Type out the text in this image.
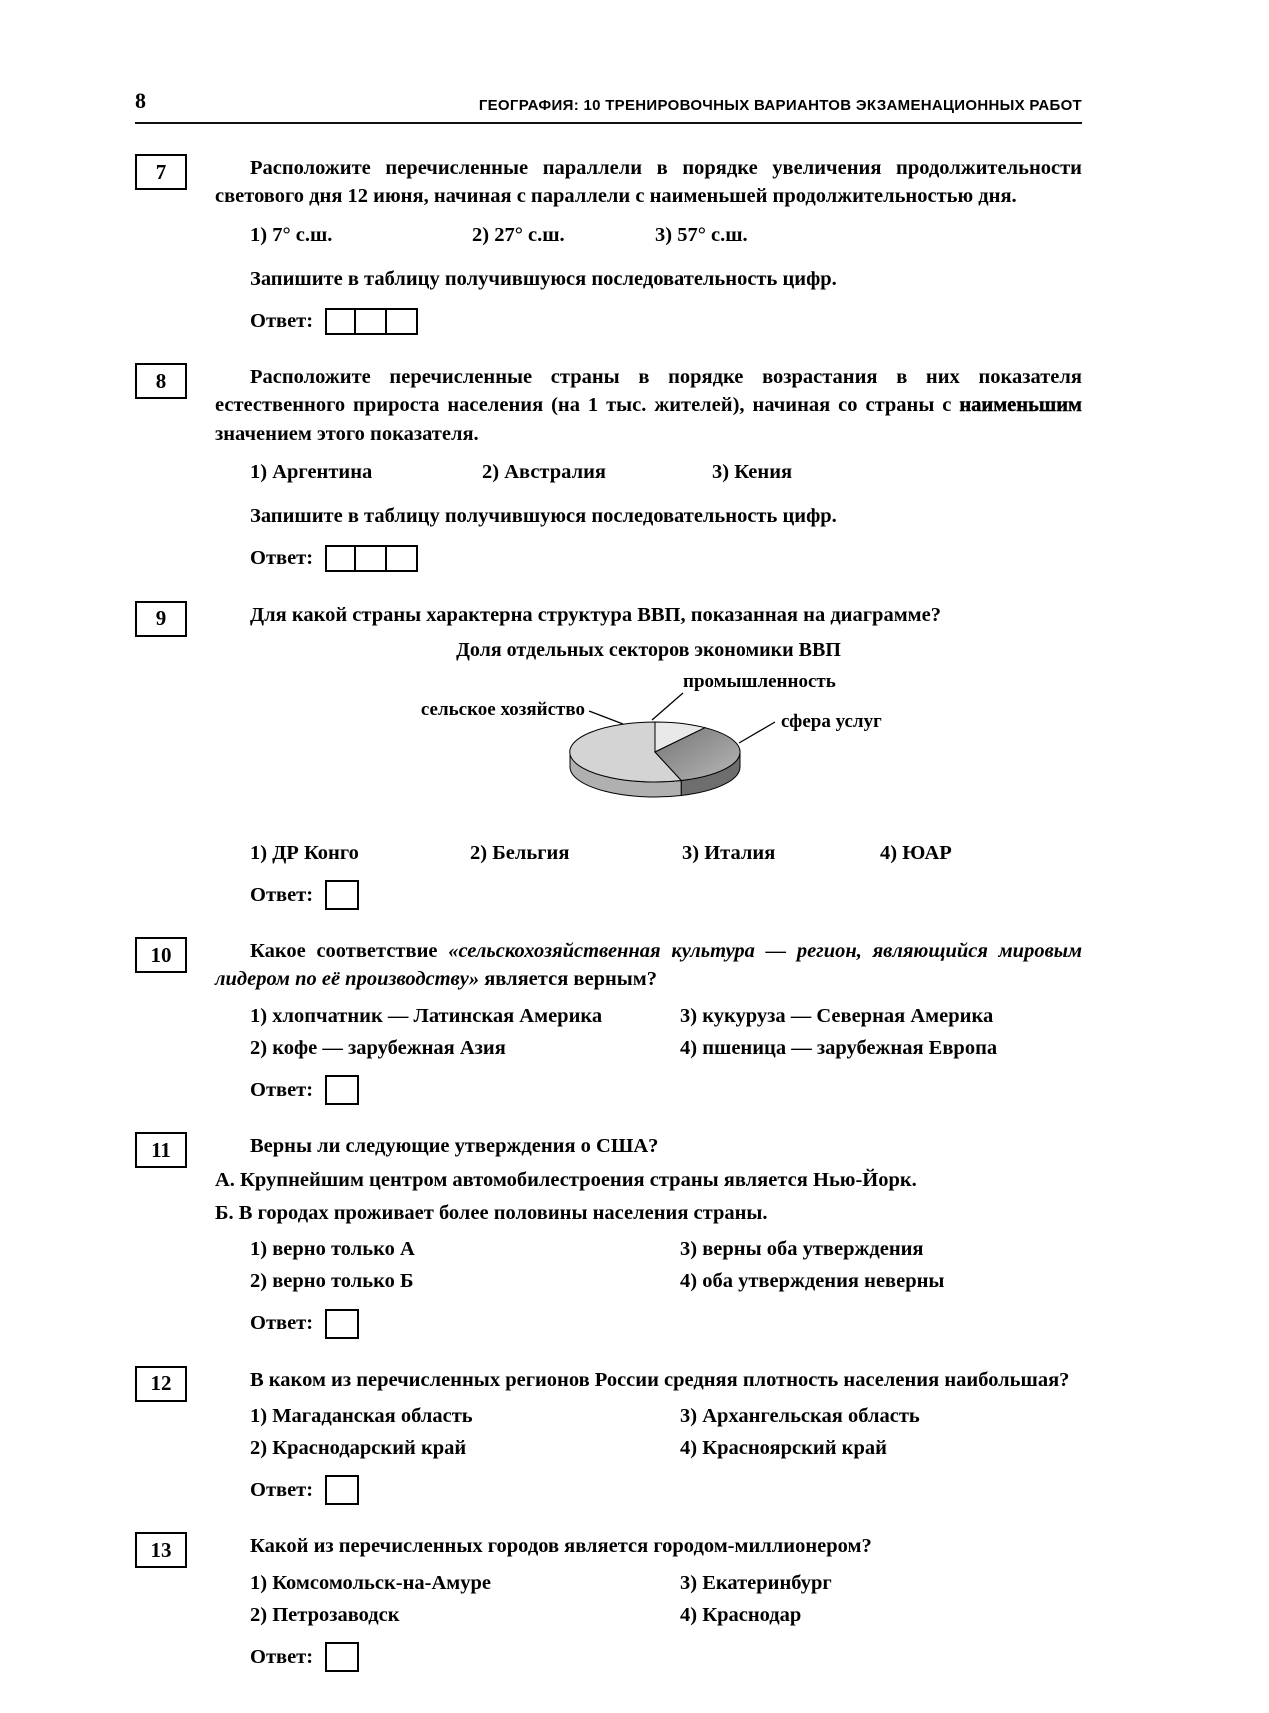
8	ГЕОГРАФИЯ: 10 ТРЕНИРОВОЧНЫХ ВАРИАНТОВ ЭКЗАМЕНАЦИОННЫХ РАБОТ
7	Расположите перечисленные параллели в порядке увеличения продолжительности светового дня 12 июня, начиная с параллели с наименьшей продолжительностью дня.

1) 7° с.ш.	2) 27° с.ш.	3) 57° с.ш.

Запишите в таблицу получившуюся последовательность цифр.

Ответ:
8	Расположите перечисленные страны в порядке возрастания в них показателя естественного прироста населения (на 1 тыс. жителей), начиная со страны с наименьшим значением этого показателя.

1) Аргентина	2) Австралия	3) Кения

Запишите в таблицу получившуюся последовательность цифр.

Ответ:
9	Для какой страны характерна структура ВВП, показанная на диаграмме?

Доля отдельных секторов экономики ВВП
промышленность
сельское хозяйство
сфера услуг
1) ДР Конго	2) Бельгия	3) Италия	4) ЮАР
Ответ:
10	Какое соответствие «сельскохозяйственная культура — регион, являющийся мировым лидером по её производству» является верным?

1) хлопчатник — Латинская Америка	3) кукуруза — Северная Америка
2) кофе — зарубежная Азия	4) пшеница — зарубежная Европа
Ответ:
11	Верны ли следующие утверждения о США?

А. Крупнейшим центром автомобилестроения страны является Нью-Йорк.

Б. В городах проживает более половины населения страны.

1) верно только А	3) верны оба утверждения
2) верно только Б	4) оба утверждения неверны
Ответ:
12	В каком из перечисленных регионов России средняя плотность населения наибольшая?

1) Магаданская область	3) Архангельская область
2) Краснодарский край	4) Красноярский край
Ответ:
13	Какой из перечисленных городов является городом-миллионером?

1) Комсомольск-на-Амуре	3) Екатеринбург
2) Петрозаводск	4) Краснодар
Ответ:
